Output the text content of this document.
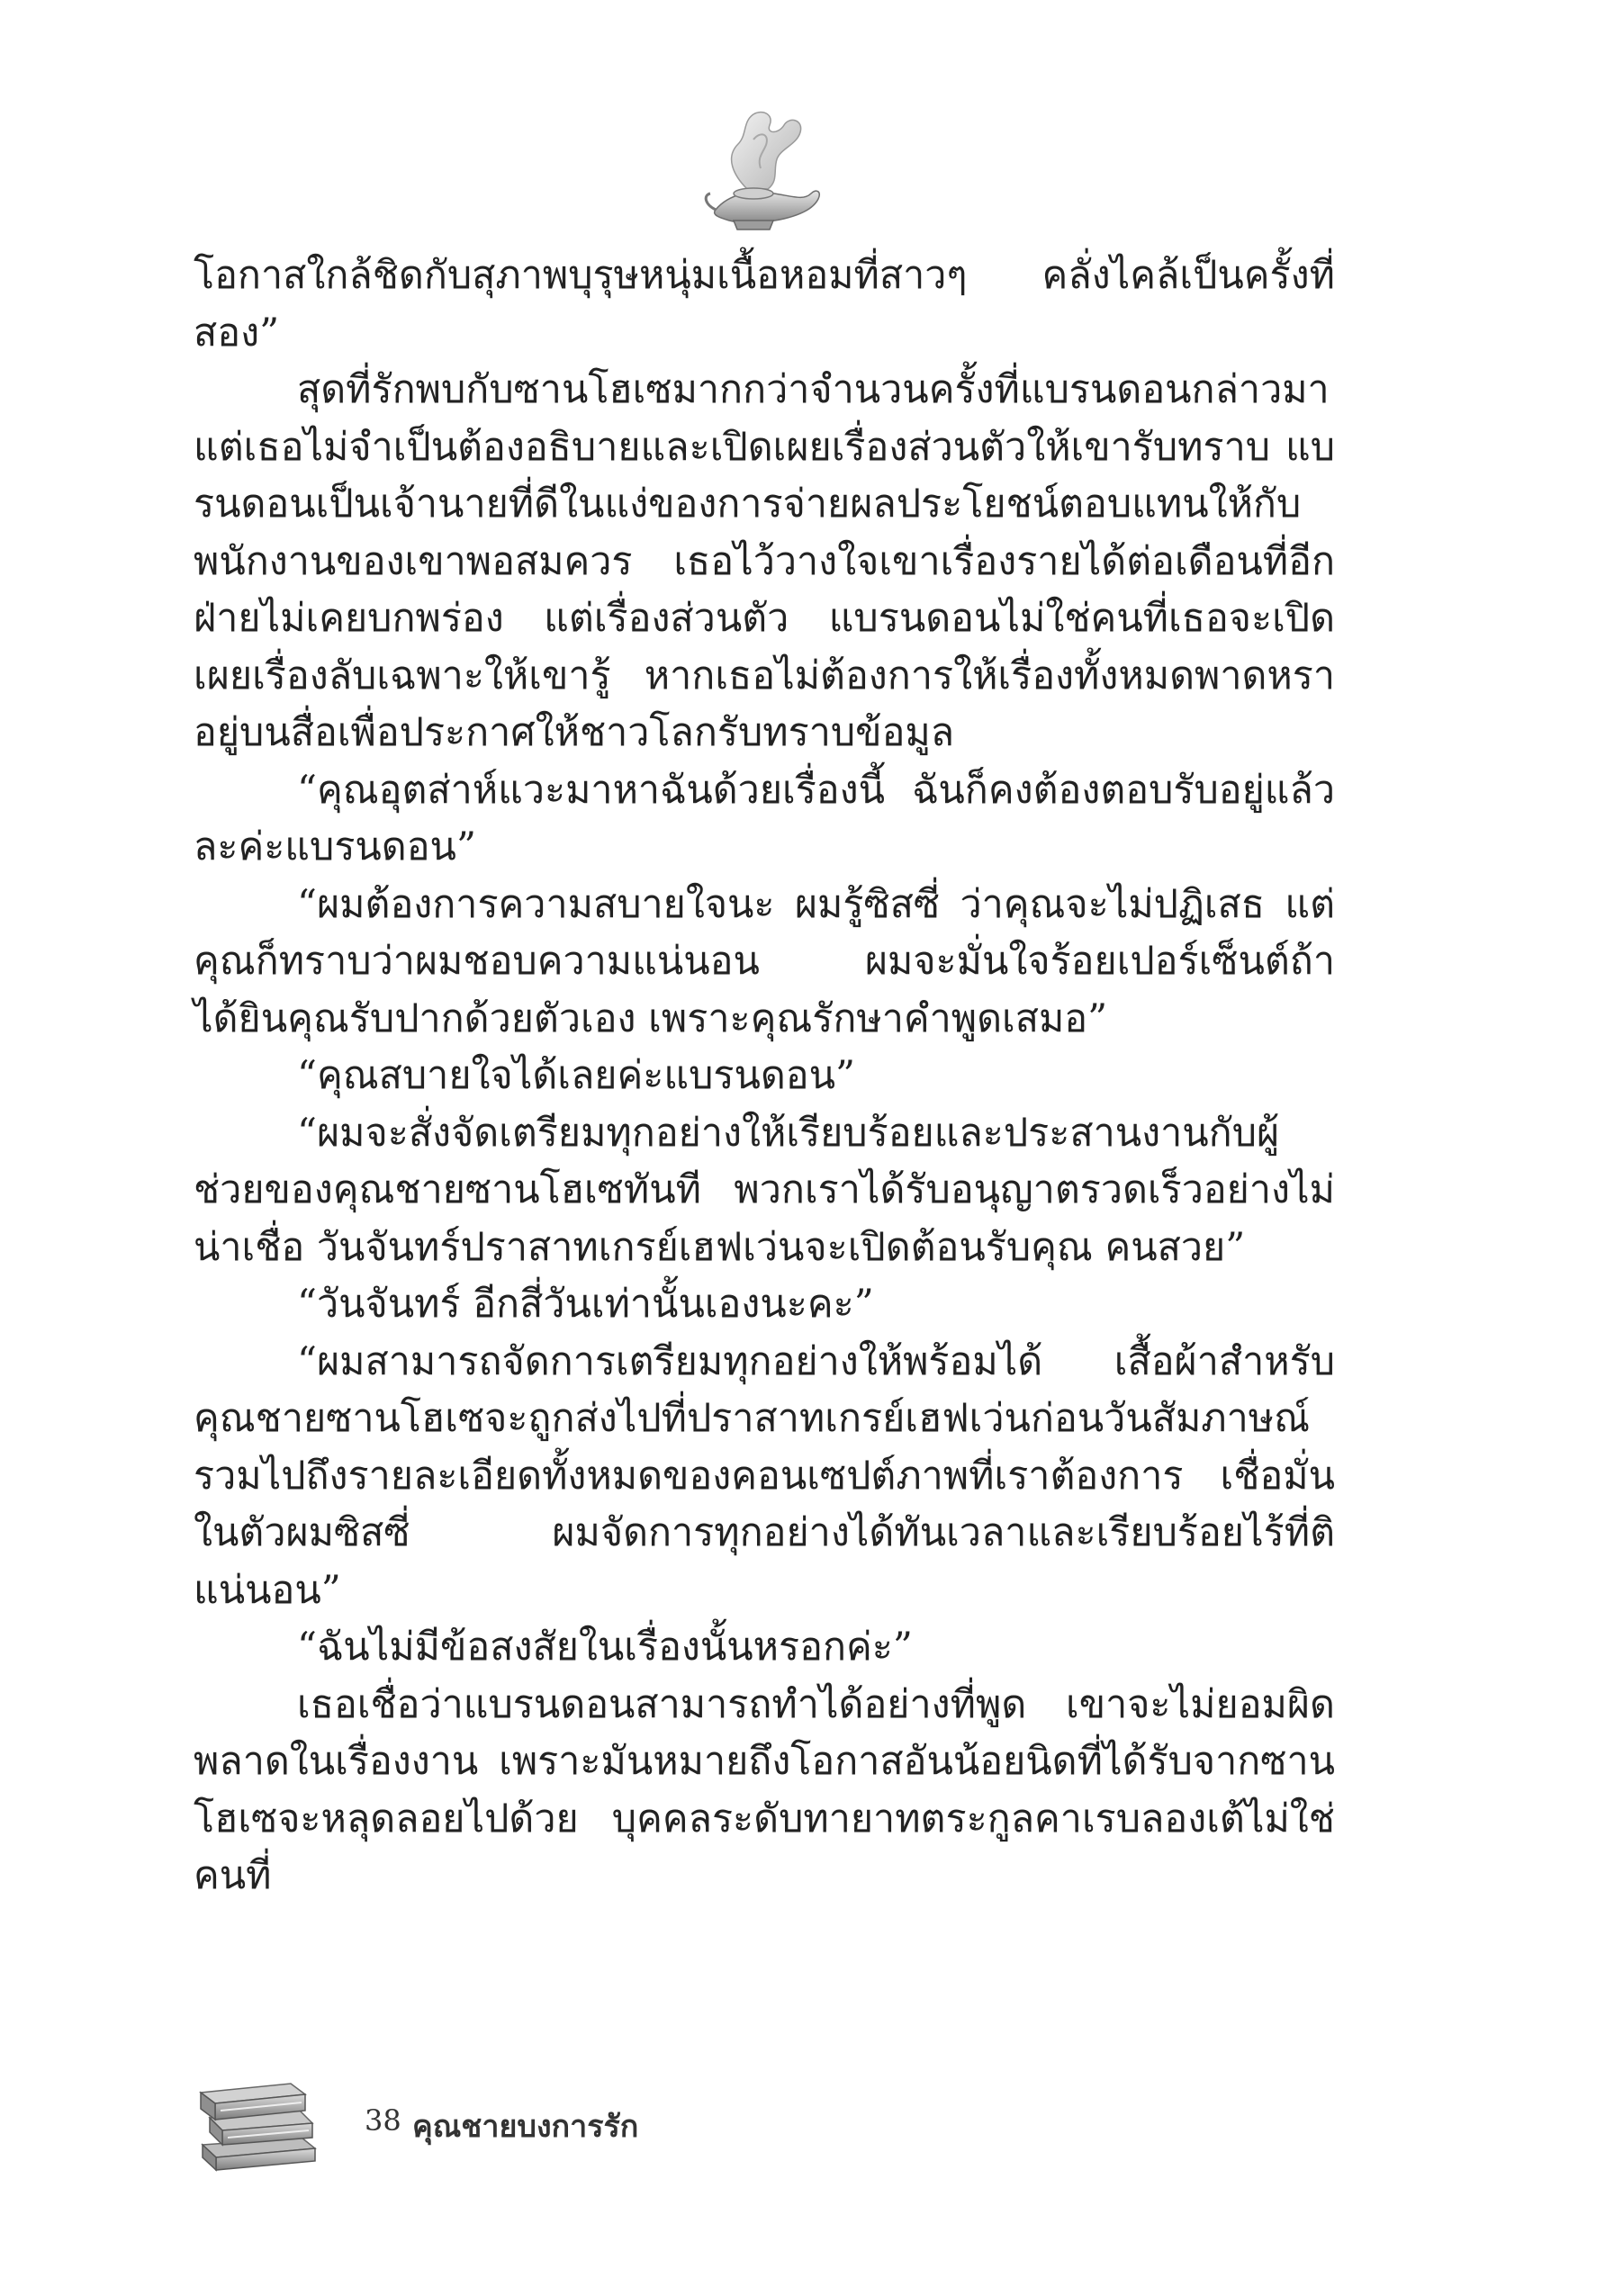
โอกาสใกล้ชิดกับสุภาพบุรุษหนุ่มเนื้อหอมที่สาวๆ คลั่งไคล้เป็นครั้งที่สอง”

สุดที่รักพบกับซานโฮเซมากกว่าจำนวนครั้งที่แบรนดอนกล่าวมา แต่เธอไม่จำเป็นต้องอธิบายและเปิดเผยเรื่องส่วนตัวให้เขารับทราบ แบรนดอนเป็นเจ้านายที่ดีในแง่ของการจ่ายผลประโยชน์ตอบแทนให้กับพนักงานของเขาพอสมควร เธอไว้วางใจเขาเรื่องรายได้ต่อเดือนที่อีกฝ่ายไม่เคยบกพร่อง แต่เรื่องส่วนตัว แบรนดอนไม่ใช่คนที่เธอจะเปิดเผยเรื่องลับเฉพาะให้เขารู้ หากเธอไม่ต้องการให้เรื่องทั้งหมดพาดหราอยู่บนสื่อเพื่อประกาศให้ชาวโลกรับทราบข้อมูล

“คุณอุตส่าห์แวะมาหาฉันด้วยเรื่องนี้ ฉันก็คงต้องตอบรับอยู่แล้วละค่ะแบรนดอน”

“ผมต้องการความสบายใจนะ ผมรู้ซิสซี่ ว่าคุณจะไม่ปฏิเสธ แต่คุณก็ทราบว่าผมชอบความแน่นอน ผมจะมั่นใจร้อยเปอร์เซ็นต์ถ้าได้ยินคุณรับปากด้วยตัวเอง เพราะคุณรักษาคำพูดเสมอ”

“คุณสบายใจได้เลยค่ะแบรนดอน”

“ผมจะสั่งจัดเตรียมทุกอย่างให้เรียบร้อยและประสานงานกับผู้ช่วยของคุณชายซานโฮเซทันที พวกเราได้รับอนุญาตรวดเร็วอย่างไม่น่าเชื่อ วันจันทร์ปราสาทเกรย์เฮฟเว่นจะเปิดต้อนรับคุณ คนสวย”

“วันจันทร์ อีกสี่วันเท่านั้นเองนะคะ”

“ผมสามารถจัดการเตรียมทุกอย่างให้พร้อมได้ เสื้อผ้าสำหรับคุณชายซานโฮเซจะถูกส่งไปที่ปราสาทเกรย์เฮฟเว่นก่อนวันสัมภาษณ์ รวมไปถึงรายละเอียดทั้งหมดของคอนเซปต์ภาพที่เราต้องการ เชื่อมั่นในตัวผมซิสซี่ ผมจัดการทุกอย่างได้ทันเวลาและเรียบร้อยไร้ที่ติแน่นอน”

“ฉันไม่มีข้อสงสัยในเรื่องนั้นหรอกค่ะ”

เธอเชื่อว่าแบรนดอนสามารถทำได้อย่างที่พูด เขาจะไม่ยอมผิดพลาดในเรื่องงาน เพราะมันหมายถึงโอกาสอันน้อยนิดที่ได้รับจากซานโฮเซจะหลุดลอยไปด้วย บุคคลระดับทายาทตระกูลคาเรบลองเต้ไม่ใช่คนที่

38 คุณชายบงการรัก
